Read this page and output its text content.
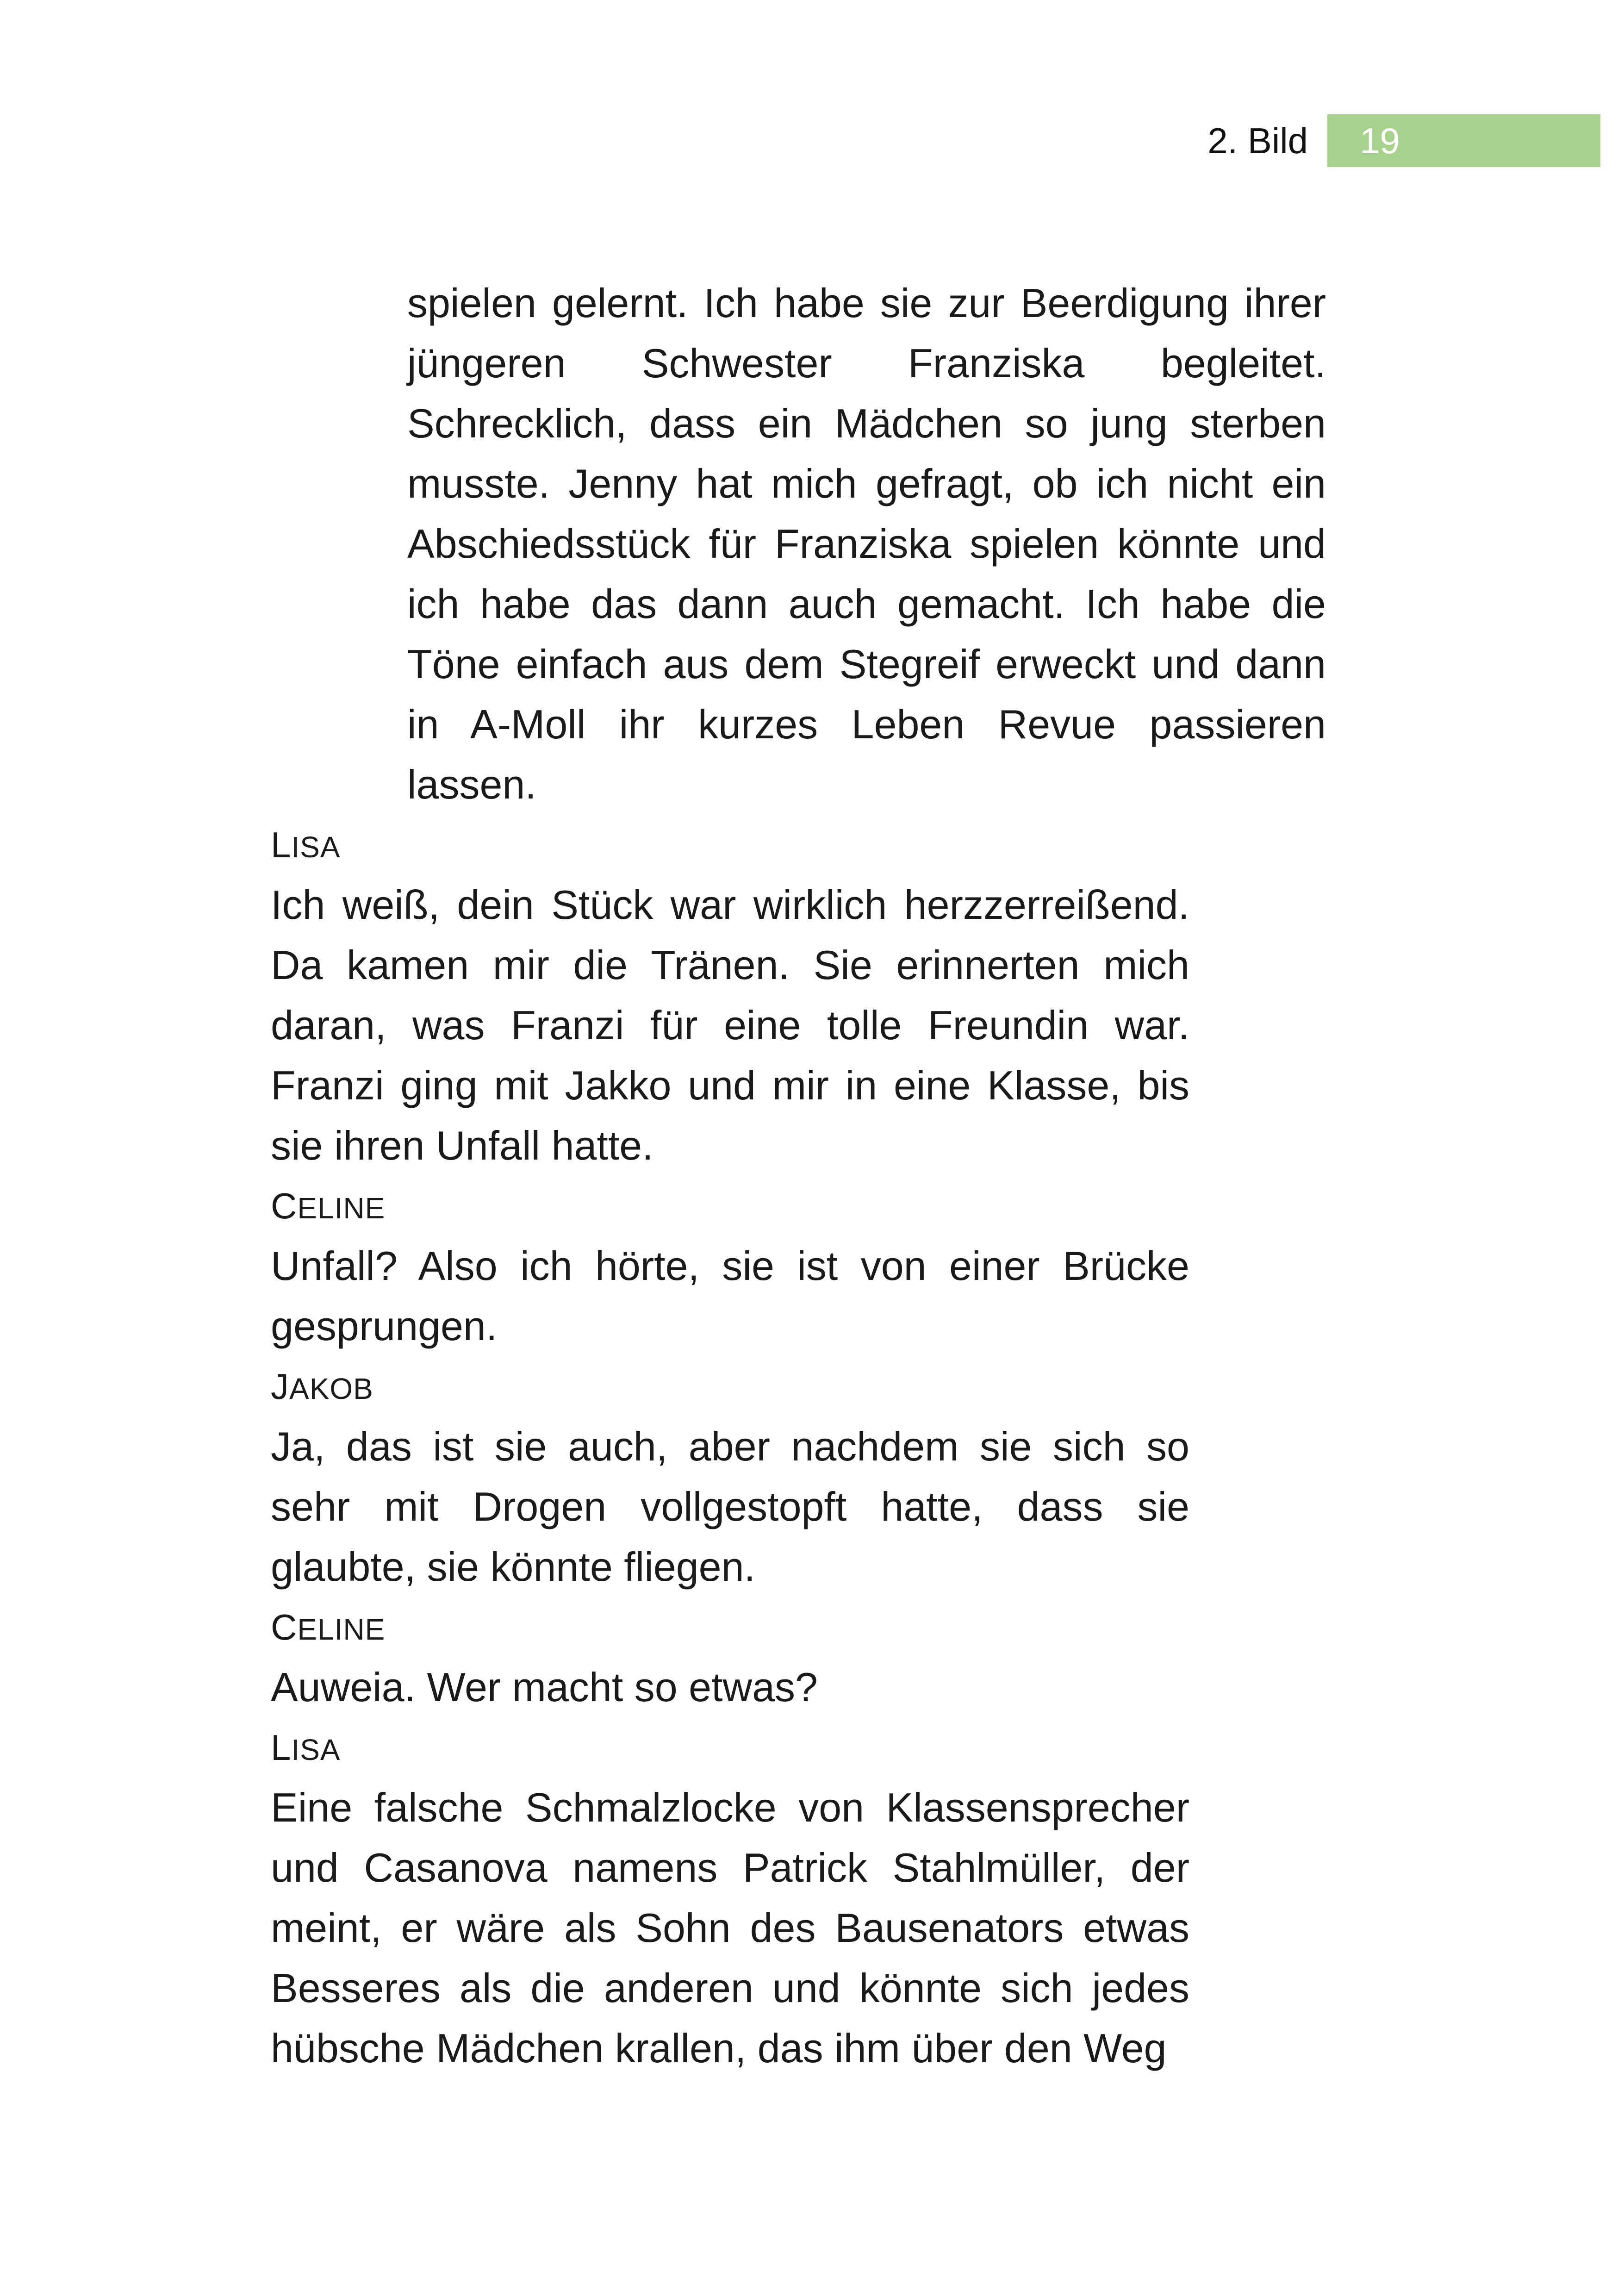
2. Bild 19

spielen gelernt. Ich habe sie zur Beerdigung ihrer jüngeren Schwester Franziska begleitet. Schrecklich, dass ein Mädchen so jung sterben musste. Jenny hat mich gefragt, ob ich nicht ein Abschiedsstück für Franziska spielen könnte und ich habe das dann auch gemacht. Ich habe die Töne einfach aus dem Stegreif erweckt und dann in A-Moll ihr kurzes Leben Revue passieren lassen.

LISA

Ich weiß, dein Stück war wirklich herzzerreißend. Da kamen mir die Tränen. Sie erinnerten mich daran, was Franzi für eine tolle Freundin war. Franzi ging mit Jakko und mir in eine Klasse, bis sie ihren Unfall hatte.

CELINE

Unfall? Also ich hörte, sie ist von einer Brücke gesprungen.

JAKOB

Ja, das ist sie auch, aber nachdem sie sich so sehr mit Drogen vollgestopft hatte, dass sie glaubte, sie könnte fliegen.

CELINE

Auweia. Wer macht so etwas?

LISA

Eine falsche Schmalzlocke von Klassensprecher und Casanova namens Patrick Stahlmüller, der meint, er wäre als Sohn des Bausenators etwas Besseres als die anderen und könnte sich jedes hübsche Mädchen krallen, das ihm über den Weg
